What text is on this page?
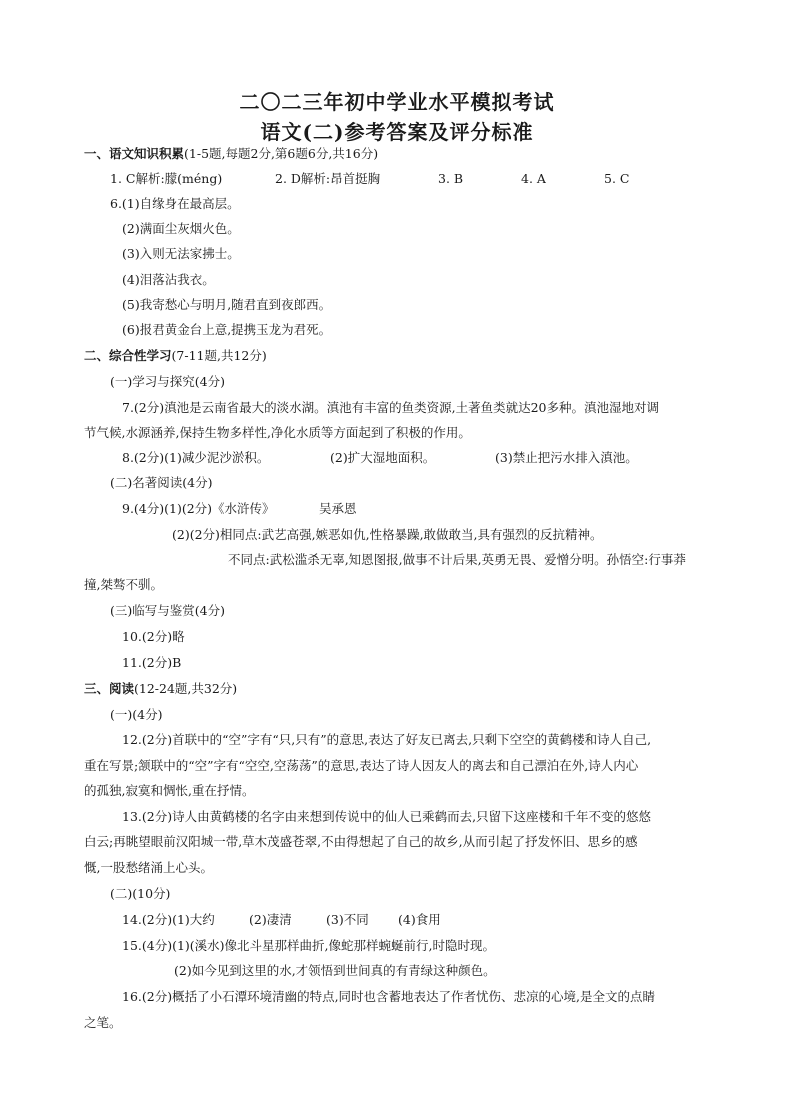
二〇二三年初中学业水平模拟考试
语文(二)参考答案及评分标准
一、语文知识积累(1-5题,每题2分,第6题6分,共16分)
1. C解析:朦(méng)	2. D解析:昂首挺胸	3. B	4. A	5. C
6.(1)自缘身在最高层。
(2)满面尘灰烟火色。
(3)入则无法家拂士。
(4)泪落沾我衣。
(5)我寄愁心与明月,随君直到夜郎西。
(6)报君黄金台上意,提携玉龙为君死。
二、综合性学习(7-11题,共12分)
(一)学习与探究(4分)
7.(2分)滇池是云南省最大的淡水湖。滇池有丰富的鱼类资源,土著鱼类就达20多种。滇池湿地对调
节气候,水源涵养,保持生物多样性,净化水质等方面起到了积极的作用。
8.(2分)(1)减少泥沙淤积。	(2)扩大湿地面积。	(3)禁止把污水排入滇池。
(二)名著阅读(4分)
9.(4分)(1)(2分)《水浒传》	吴承恩
(2)(2分)相同点:武艺高强,嫉恶如仇,性格暴躁,敢做敢当,具有强烈的反抗精神。
不同点:武松滥杀无辜,知恩图报,做事不计后果,英勇无畏、爱憎分明。孙悟空:行事莽
撞,桀骜不驯。
(三)临写与鉴赏(4分)
10.(2分)略
11.(2分)B
三、阅读(12-24题,共32分)
(一)(4分)
12.(2分)首联中的“空”字有“只,只有”的意思,表达了好友已离去,只剩下空空的黄鹤楼和诗人自己,
重在写景;颔联中的“空”字有“空空,空荡荡”的意思,表达了诗人因友人的离去和自己漂泊在外,诗人内心
的孤独,寂寞和惆怅,重在抒情。
13.(2分)诗人由黄鹤楼的名字由来想到传说中的仙人已乘鹤而去,只留下这座楼和千年不变的悠悠
白云;再眺望眼前汉阳城一带,草木茂盛苍翠,不由得想起了自己的故乡,从而引起了抒发怀旧、思乡的感
慨,一股愁绪涌上心头。
(二)(10分)
14.(2分)(1)大约	(2)凄清	(3)不同 (4)食用
15.(4分)(1)(溪水)像北斗星那样曲折,像蛇那样蜿蜒前行,时隐时现。
(2)如今见到这里的水,才领悟到世间真的有青绿这种颜色。
16.(2分)概括了小石潭环境清幽的特点,同时也含蓄地表达了作者忧伤、悲凉的心境,是全文的点睛
之笔。
